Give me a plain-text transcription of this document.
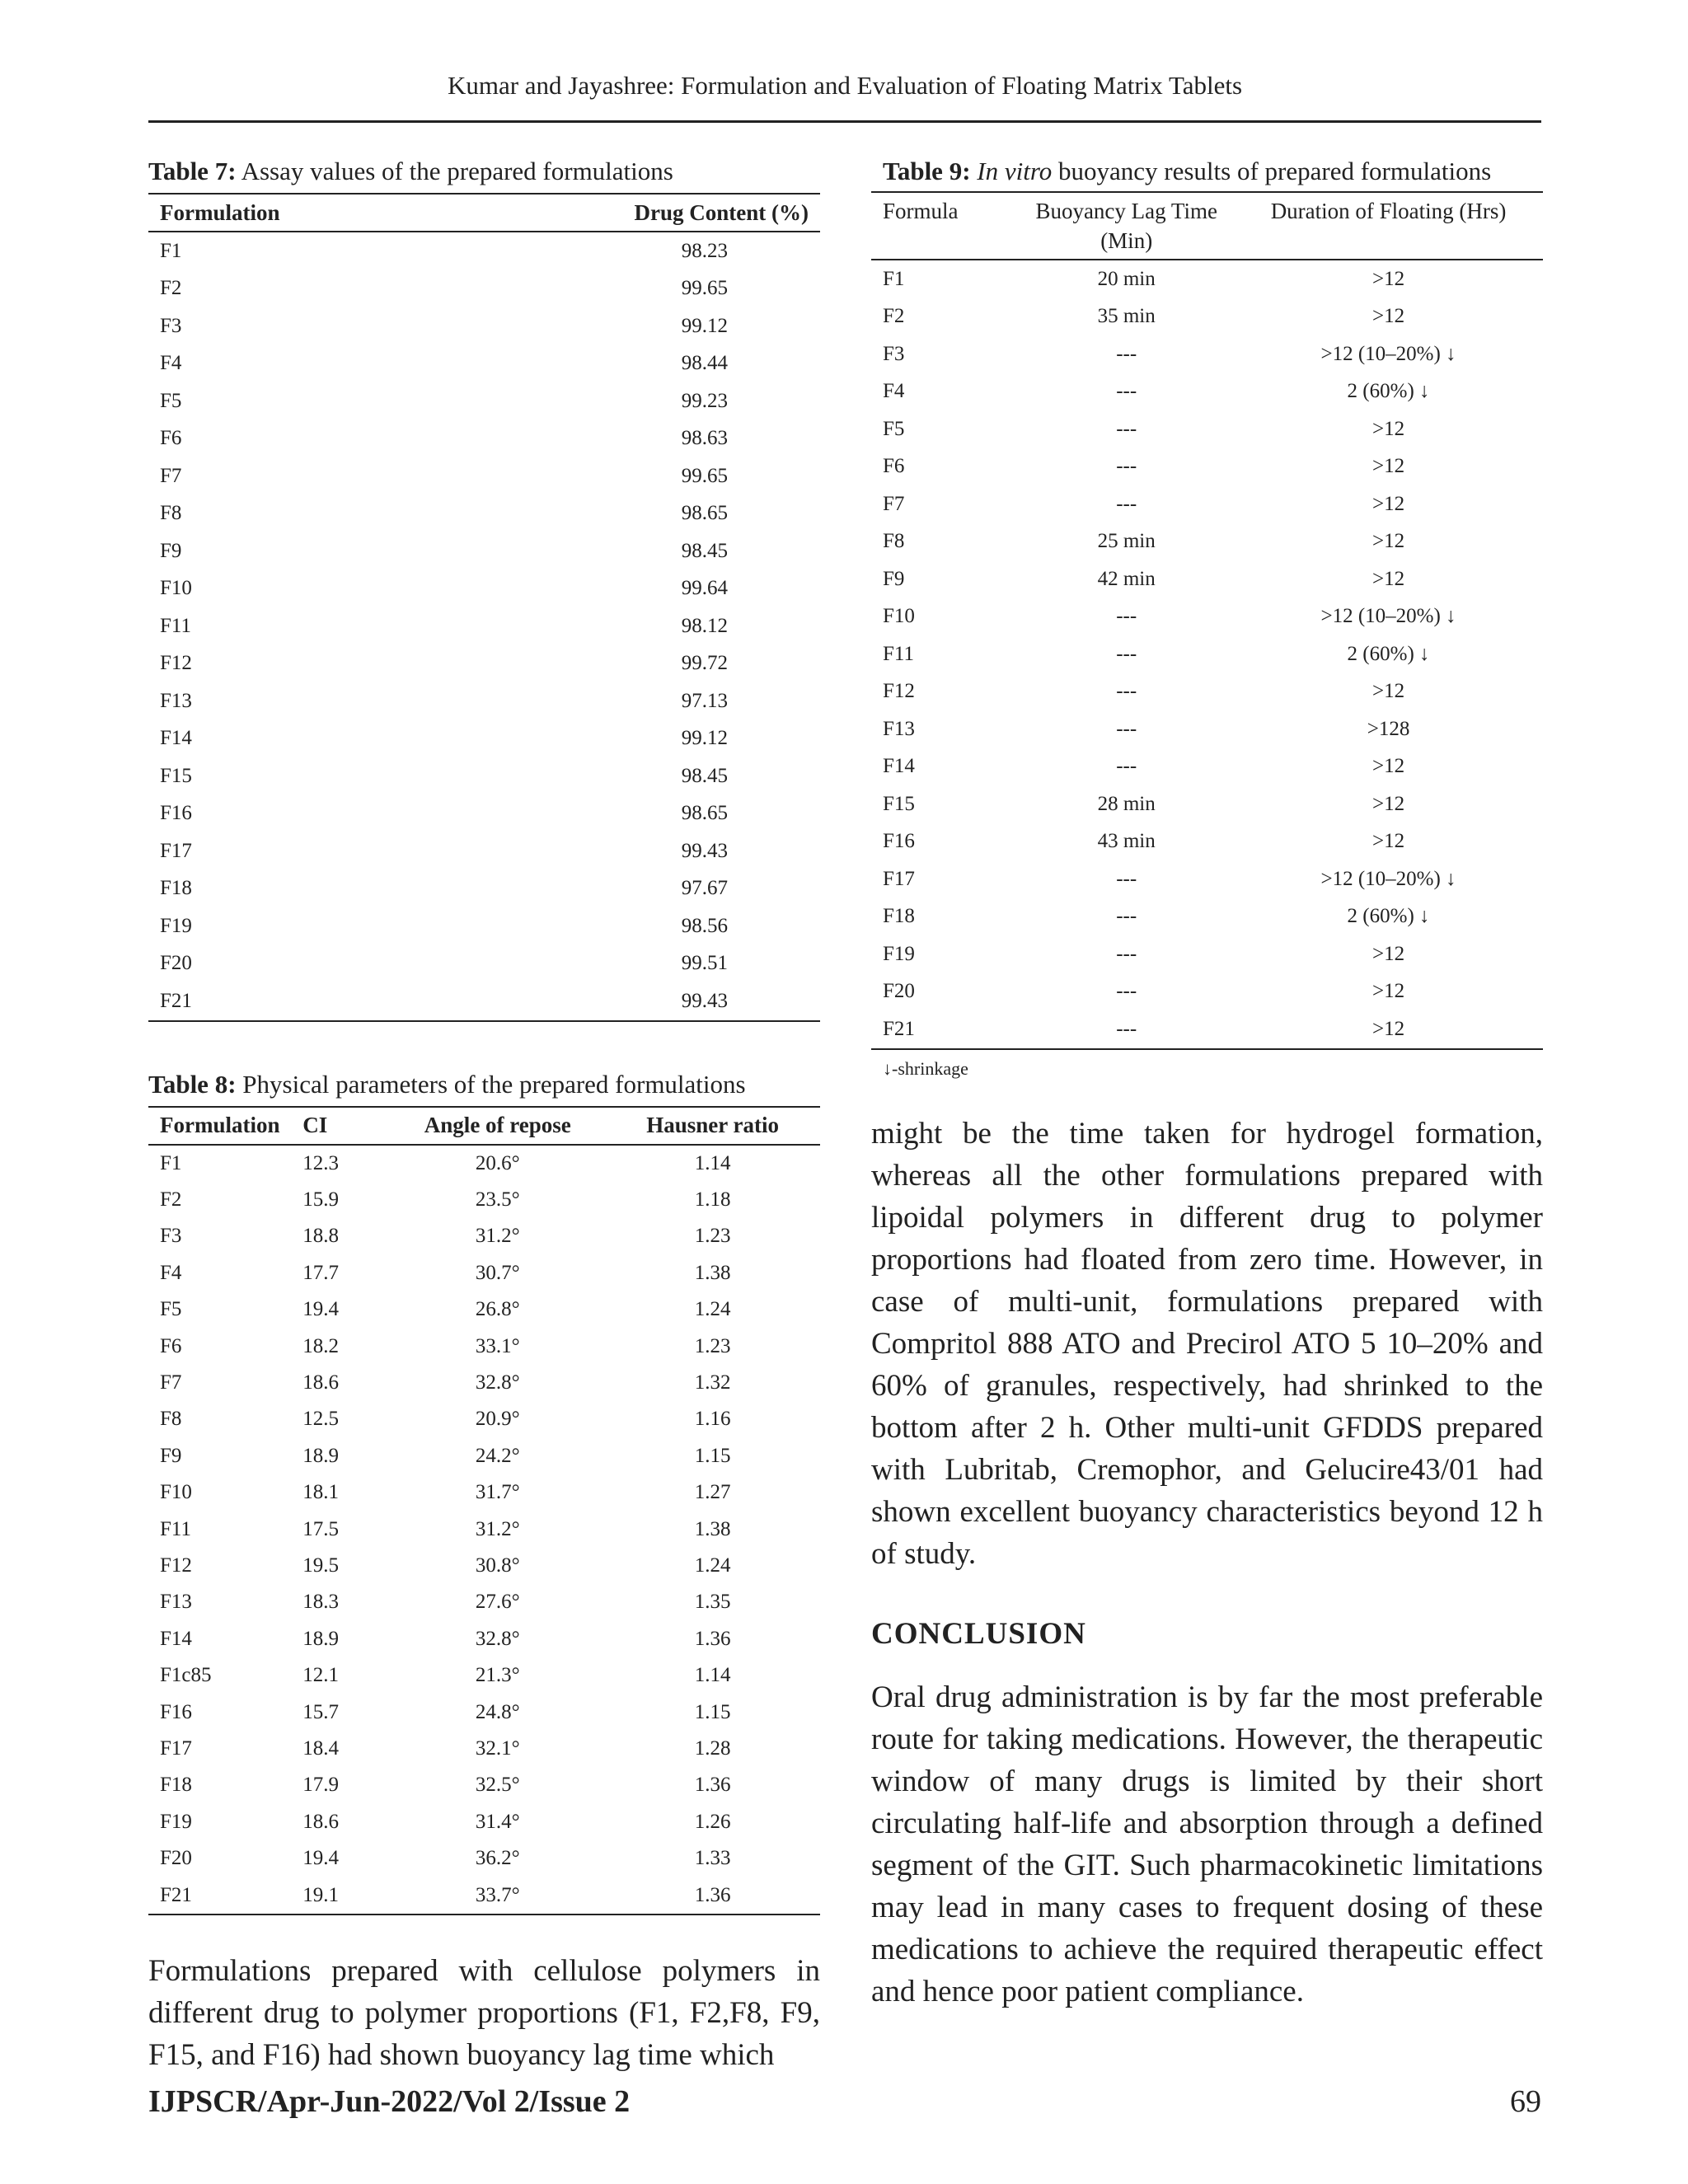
Kumar and Jayashree: Formulation and Evaluation of Floating Matrix Tablets
Table 7: Assay values of the prepared formulations
Formulation	Drug Content (%)
F1	98.23
F2	99.65
F3	99.12
F4	98.44
F5	99.23
F6	98.63
F7	99.65
F8	98.65
F9	98.45
F10	99.64
F11	98.12
F12	99.72
F13	97.13
F14	99.12
F15	98.45
F16	98.65
F17	99.43
F18	97.67
F19	98.56
F20	99.51
F21	99.43
Table 8: Physical parameters of the prepared formulations
Formulation	CI	Angle of repose	Hausner ratio
F1	12.3	20.6°	1.14
F2	15.9	23.5°	1.18
F3	18.8	31.2°	1.23
F4	17.7	30.7°	1.38
F5	19.4	26.8°	1.24
F6	18.2	33.1°	1.23
F7	18.6	32.8°	1.32
F8	12.5	20.9°	1.16
F9	18.9	24.2°	1.15
F10	18.1	31.7°	1.27
F11	17.5	31.2°	1.38
F12	19.5	30.8°	1.24
F13	18.3	27.6°	1.35
F14	18.9	32.8°	1.36
F1c85	12.1	21.3°	1.14
F16	15.7	24.8°	1.15
F17	18.4	32.1°	1.28
F18	17.9	32.5°	1.36
F19	18.6	31.4°	1.26
F20	19.4	36.2°	1.33
F21	19.1	33.7°	1.36
Formulations prepared with cellulose polymers in different drug to polymer proportions (F1, F2,F8, F9, F15, and F16) had shown buoyancy lag time which
Table 9: In vitro buoyancy results of prepared formulations
Formula	Buoyancy Lag Time (Min)	Duration of Floating (Hrs)
F1	20 min	>12
F2	35 min	>12
F3	---	>12 (10–20%) ↓
F4	---	2 (60%) ↓
F5	---	>12
F6	---	>12
F7	---	>12
F8	25 min	>12
F9	42 min	>12
F10	---	>12 (10–20%) ↓
F11	---	2 (60%) ↓
F12	---	>12
F13	---	>128
F14	---	>12
F15	28 min	>12
F16	43 min	>12
F17	---	>12 (10–20%) ↓
F18	---	2 (60%) ↓
F19	---	>12
F20	---	>12
F21	---	>12
↓-shrinkage
might be the time taken for hydrogel formation, whereas all the other formulations prepared with lipoidal polymers in different drug to polymer proportions had floated from zero time. However, in case of multi-unit, formulations prepared with Compritol 888 ATO and Precirol ATO 5 10–20% and 60% of granules, respectively, had shrinked to the bottom after 2 h. Other multi-unit GFDDS prepared with Lubritab, Cremophor, and Gelucire43/01 had shown excellent buoyancy characteristics beyond 12 h of study.
CONCLUSION
Oral drug administration is by far the most preferable route for taking medications. However, the therapeutic window of many drugs is limited by their short circulating half-life and absorption through a defined segment of the GIT. Such pharmacokinetic limitations may lead in many cases to frequent dosing of these medications to achieve the required therapeutic effect and hence poor patient compliance.
IJPSCR/Apr-Jun-2022/Vol 2/Issue 2	69
